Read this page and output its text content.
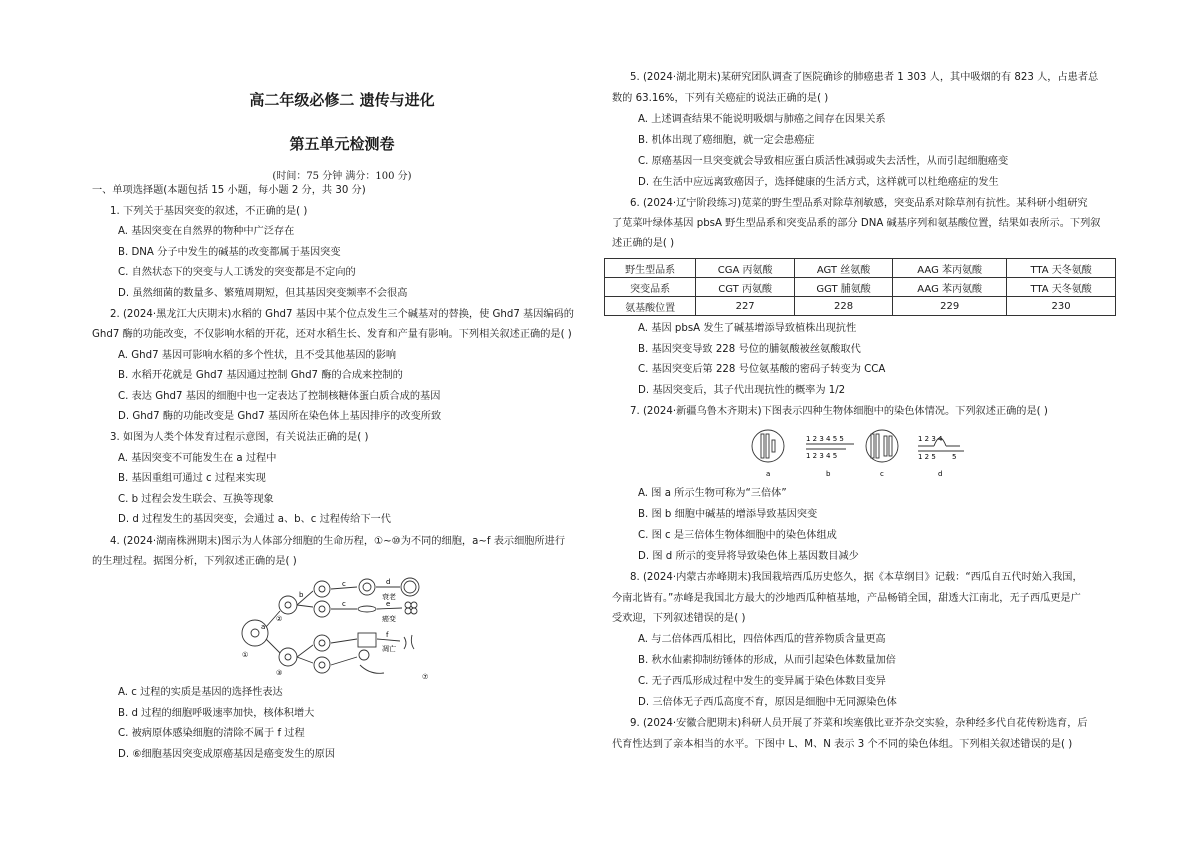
高二年级必修二 遗传与进化
第五单元检测卷
(时间：75 分钟 满分：100 分)
一、单项选择题(本题包括 15 小题，每小题 2 分，共 30 分)
1. 下列关于基因突变的叙述，不正确的是( )
A. 基因突变在自然界的物种中广泛存在
B. DNA 分子中发生的碱基的改变都属于基因突变
C. 自然状态下的突变与人工诱发的突变都是不定向的
D. 虽然细菌的数量多、繁殖周期短，但其基因突变频率不会很高
2. (2024·黑龙江大庆期末)水稻的 Ghd7 基因中某个位点发生三个碱基对的替换，使 Ghd7 基因编码的
Ghd7 酶的功能改变，不仅影响水稻的开花，还对水稻生长、发育和产量有影响。下列相关叙述正确的是( )
A. Ghd7 基因可影响水稻的多个性状，且不受其他基因的影响
B. 水稻开花就是 Ghd7 基因通过控制 Ghd7 酶的合成来控制的
C. 表达 Ghd7 基因的细胞中也一定表达了控制核糖体蛋白质合成的基因
D. Ghd7 酶的功能改变是 Ghd7 基因所在染色体上基因排序的改变所致
3. 如图为人类个体发育过程示意图，有关说法正确的是( )
A. 基因突变不可能发生在 a 过程中
B. 基因重组可通过 c 过程来实现
C. b 过程会发生联会、互换等现象
D. d 过程发生的基因突变，会通过 a、b、c 过程传给下一代
4. (2024·湖南株洲期末)图示为人体部分细胞的生命历程，①~⑩为不同的细胞，a~f 表示细胞所进行
的生理过程。据图分析，下列叙述正确的是( )
a
b
c	d
c	e
f
衰老
癌变
凋亡
①
②
③	⑦
A. c 过程的实质是基因的选择性表达
B. d 过程的细胞呼吸速率加快，核体积增大
C. 被病原体感染细胞的清除不属于 f 过程
D. ⑥细胞基因突变成原癌基因是癌变发生的原因
5. (2024·湖北期末)某研究团队调查了医院确诊的肺癌患者 1 303 人，其中吸烟的有 823 人，占患者总
数的 63.16%，下列有关癌症的说法正确的是( )
A. 上述调查结果不能说明吸烟与肺癌之间存在因果关系
B. 机体出现了癌细胞，就一定会患癌症
C. 原癌基因一旦突变就会导致相应蛋白质活性减弱或失去活性，从而引起细胞癌变
D. 在生活中应远离致癌因子，选择健康的生活方式，这样就可以杜绝癌症的发生
6. (2024·辽宁阶段练习)苋菜的野生型品系对除草剂敏感，突变品系对除草剂有抗性。某科研小组研究
了苋菜叶绿体基因 pbsA 野生型品系和突变品系的部分 DNA 碱基序列和氨基酸位置，结果如表所示。下列叙
述正确的是( )
野生型品系	CGA 丙氨酸	AGT 丝氨酸	AAG 苯丙氨酸	TTA 天冬氨酸
突变品系	CGT 丙氨酸	GGT 脯氨酸	AAG 苯丙氨酸	TTA 天冬氨酸
氨基酸位置	227	228	229	230
A. 基因 pbsA 发生了碱基增添导致植株出现抗性
B. 基因突变导致 228 号位的脯氨酸被丝氨酸取代
C. 基因突变后第 228 号位氨基酸的密码子转变为 CCA
D. 基因突变后，其子代出现抗性的概率为 1/2
7. (2024·新疆乌鲁木齐期末)下图表示四种生物体细胞中的染色体情况。下列叙述正确的是( )
1 2 3 4 5 5
1 2 3 4 5
1 2 3 4
1 2 5 5
a	b	c	d
A. 图 a 所示生物可称为“三倍体”
B. 图 b 细胞中碱基的增添导致基因突变
C. 图 c 是三倍体生物体细胞中的染色体组成
D. 图 d 所示的变异将导致染色体上基因数目减少
8. (2024·内蒙古赤峰期末)我国栽培西瓜历史悠久，据《本草纲目》记载：“西瓜自五代时始入我国，
今南北皆有。”赤峰是我国北方最大的沙地西瓜种植基地，产品畅销全国，甜透大江南北，无子西瓜更是广
受欢迎，下列叙述错误的是( )
A. 与二倍体西瓜相比，四倍体西瓜的营养物质含量更高
B. 秋水仙素抑制纺锤体的形成，从而引起染色体数量加倍
C. 无子西瓜形成过程中发生的变异属于染色体数目变异
D. 三倍体无子西瓜高度不育，原因是细胞中无同源染色体
9. (2024·安徽合肥期末)科研人员开展了芥菜和埃塞俄比亚芥杂交实验，杂种经多代自花传粉选育，后
代育性达到了亲本相当的水平。下图中 L、M、N 表示 3 个不同的染色体组。下列相关叙述错误的是( )
